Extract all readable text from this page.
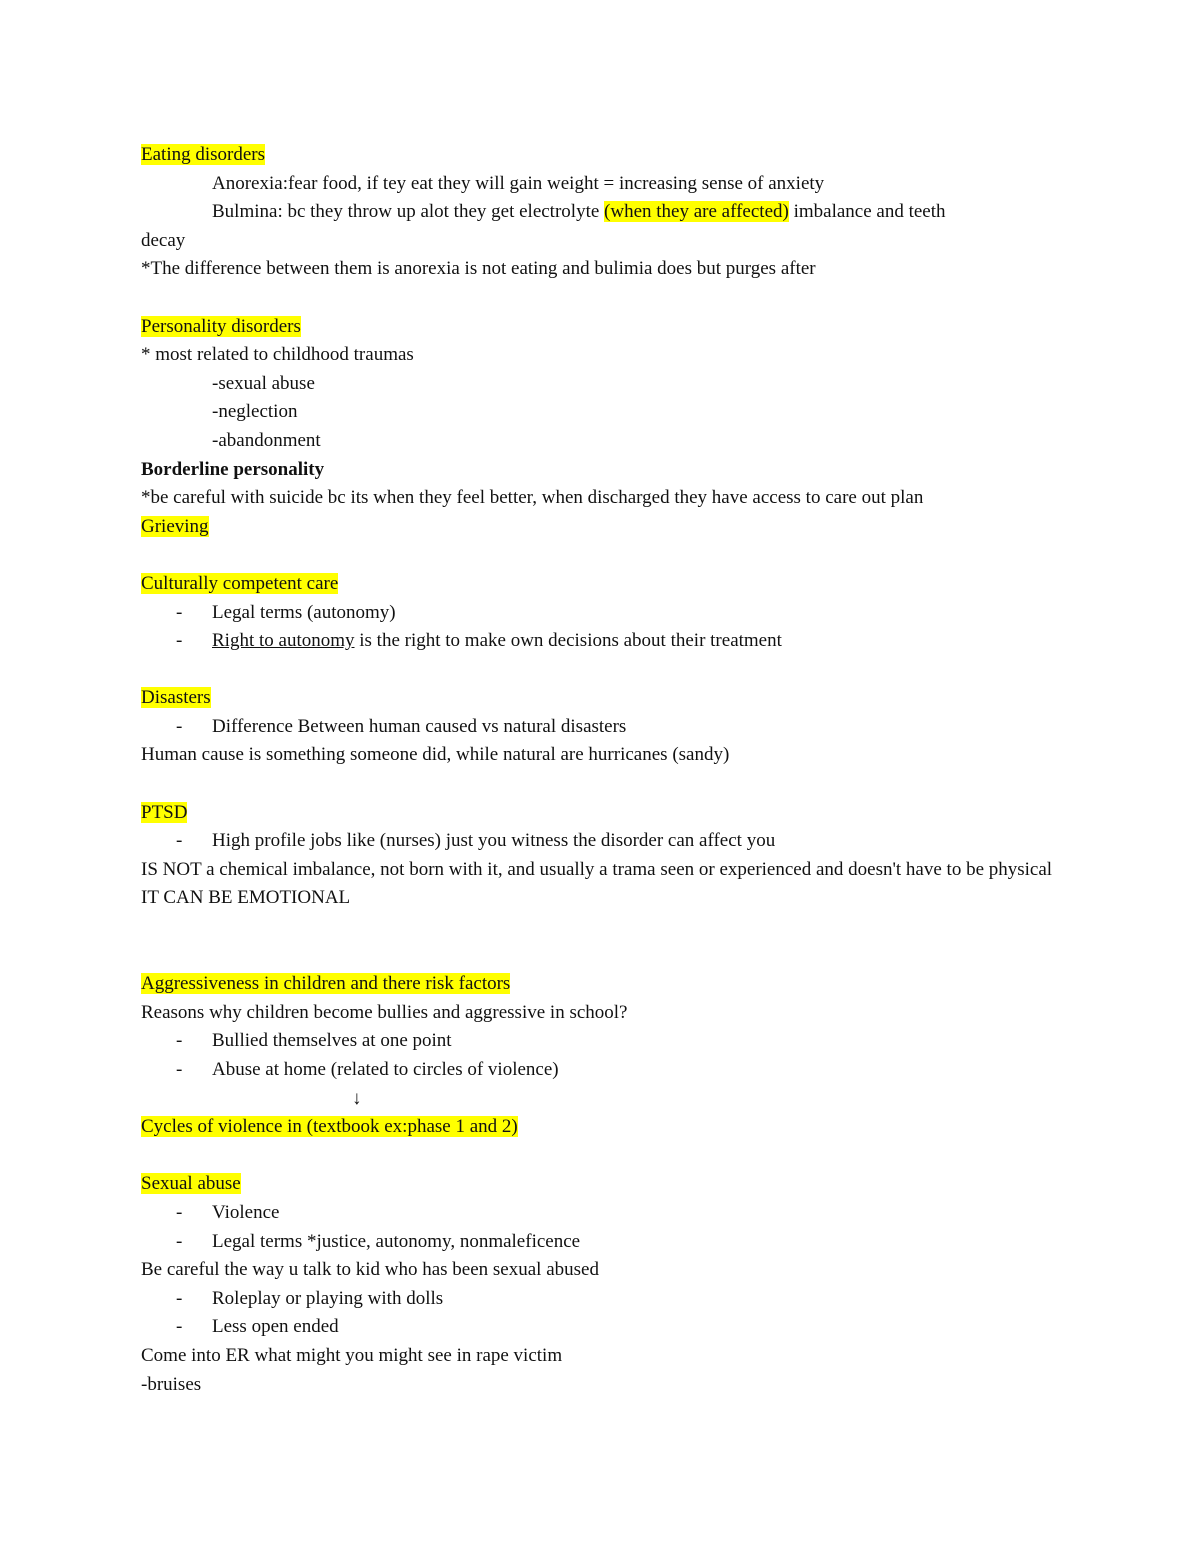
Eating disorders
Anorexia:fear food, if tey eat they will gain weight = increasing sense of anxiety
Bulmina: bc they throw up alot they get electrolyte (when they are affected) imbalance and teeth
decay
*The difference between them is anorexia is not eating and bulimia does but purges after
Personality disorders
* most related to childhood traumas
-sexual abuse
-neglection
-abandonment
Borderline personality
*be careful with suicide bc its when they feel better, when discharged they have access to care out plan
Grieving
Culturally competent care
-	Legal terms (autonomy)
-	Right to autonomy is the right to make own decisions about their treatment
Disasters
-	Difference Between human caused vs natural disasters
Human cause is something someone did, while natural are hurricanes (sandy)
PTSD
-	High profile jobs like (nurses) just you witness the disorder can affect you
IS NOT a chemical imbalance, not born with it, and usually a trama seen or experienced and doesn't have to be physical IT CAN BE EMOTIONAL
Aggressiveness in children and there risk factors
Reasons why children become bullies and aggressive in school?
-	Bullied themselves at one point
-	Abuse at home (related to circles of violence)
↓
Cycles of violence in (textbook ex:phase 1 and 2)
Sexual abuse
-	Violence
-	Legal terms *justice, autonomy, nonmaleficence
Be careful the way u talk to kid who has been sexual abused
-	Roleplay or playing with dolls
-	Less open ended
Come into ER what might you might see in rape victim
-bruises
